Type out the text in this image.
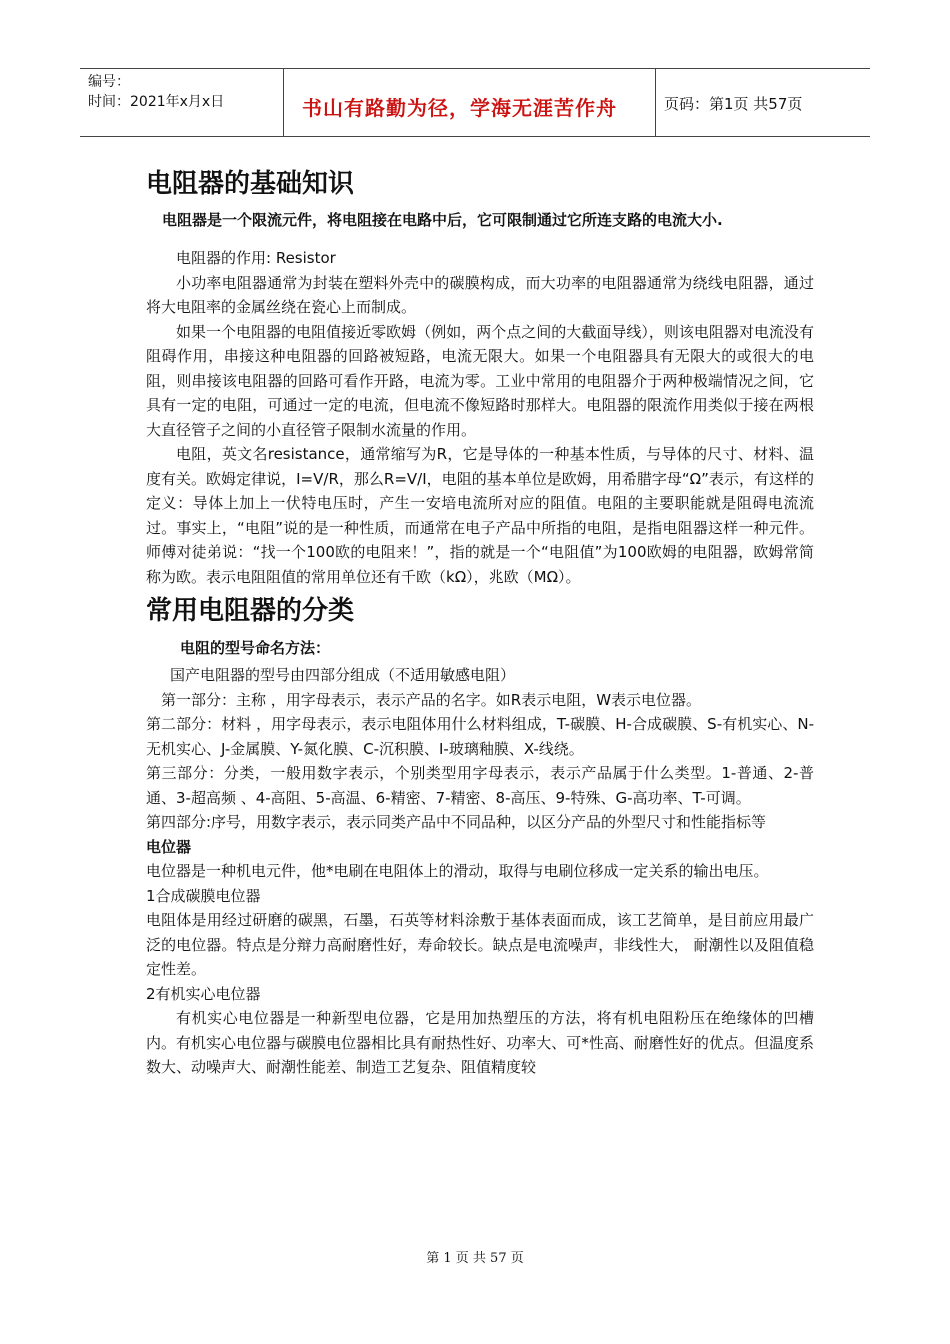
编号：
时间：2021年x月x日	书山有路勤为径，学海无涯苦作舟	页码：第1页 共57页
电阻器的基础知识

电阻器是一个限流元件，将电阻接在电路中后，它可限制通过它所连支路的电流大小.

电阻器的作用: Resistor

小功率电阻器通常为封装在塑料外壳中的碳膜构成，而大功率的电阻器通常为绕线电阻器，通过将大电阻率的金属丝绕在瓷心上而制成。

如果一个电阻器的电阻值接近零欧姆（例如，两个点之间的大截面导线），则该电阻器对电流没有阻碍作用，串接这种电阻器的回路被短路，电流无限大。如果一个电阻器具有无限大的或很大的电阻，则串接该电阻器的回路可看作开路，电流为零。工业中常用的电阻器介于两种极端情况之间，它具有一定的电阻，可通过一定的电流，但电流不像短路时那样大。电阻器的限流作用类似于接在两根大直径管子之间的小直径管子限制水流量的作用。

电阻，英文名resistance，通常缩写为R，它是导体的一种基本性质，与导体的尺寸、材料、温度有关。欧姆定律说，I=V/R，那么R=V/I，电阻的基本单位是欧姆，用希腊字母“Ω”表示，有这样的定义：导体上加上一伏特电压时，产生一安培电流所对应的阻值。电阻的主要职能就是阻碍电流流过。事实上，“电阻”说的是一种性质，而通常在电子产品中所指的电阻，是指电阻器这样一种元件。师傅对徒弟说：“找一个100欧的电阻来！”，指的就是一个“电阻值”为100欧姆的电阻器，欧姆常简称为欧。表示电阻阻值的常用单位还有千欧（kΩ），兆欧（MΩ）。

常用电阻器的分类

电阻的型号命名方法：

国产电阻器的型号由四部分组成（不适用敏感电阻）

第一部分：主称 ，用字母表示，表示产品的名字。如R表示电阻，W表示电位器。

第二部分：材料 ，用字母表示，表示电阻体用什么材料组成，T-碳膜、H-合成碳膜、S-有机实心、N-无机实心、J-金属膜、Y-氮化膜、C-沉积膜、I-玻璃釉膜、X-线绕。

第三部分：分类，一般用数字表示，个别类型用字母表示，表示产品属于什么类型。1-普通、2-普通、3-超高频 、4-高阻、5-高温、6-精密、7-精密、8-高压、9-特殊、G-高功率、T-可调。

第四部分:序号，用数字表示，表示同类产品中不同品种，以区分产品的外型尺寸和性能指标等

电位器

电位器是一种机电元件，他*电刷在电阻体上的滑动，取得与电刷位移成一定关系的输出电压。

1合成碳膜电位器

电阻体是用经过研磨的碳黑，石墨，石英等材料涂敷于基体表面而成，该工艺简单，是目前应用最广泛的电位器。特点是分辩力高耐磨性好，寿命较长。缺点是电流噪声，非线性大， 耐潮性以及阻值稳定性差。

2有机实心电位器

有机实心电位器是一种新型电位器，它是用加热塑压的方法，将有机电阻粉压在绝缘体的凹槽内。有机实心电位器与碳膜电位器相比具有耐热性好、功率大、可*性高、耐磨性好的优点。但温度系数大、动噪声大、耐潮性能差、制造工艺复杂、阻值精度较

第 1 页 共 57 页
